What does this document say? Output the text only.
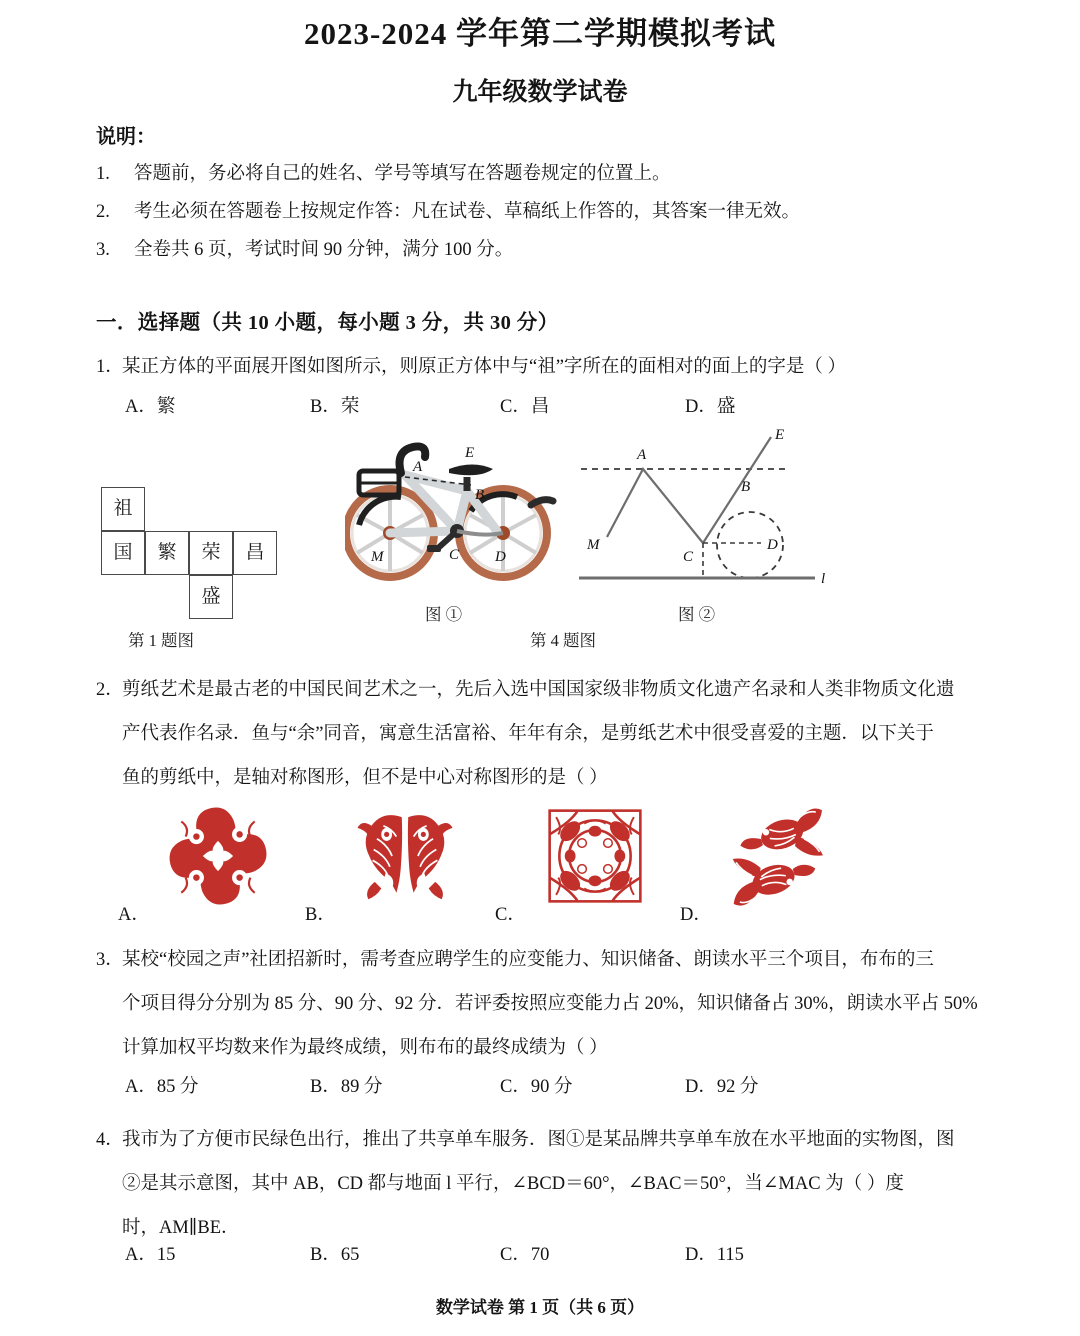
2023-2024 学年第二学期模拟考试
九年级数学试卷
说明：
1.	答题前，务必将自己的姓名、学号等填写在答题卷规定的位置上。
2.	考生必须在答题卷上按规定作答：凡在试卷、草稿纸上作答的，其答案一律无效。
3.	全卷共 6 页，考试时间 90 分钟，满分 100 分。
一．选择题（共 10 小题，每小题 3 分，共 30 分）
1．某正方体的平面展开图如图所示，则原正方体中与“祖”字所在的面相对的面上的字是（ ）
A．繁	B．荣	C．昌	D．盛
祖
国	繁	荣	昌
盛
第 1 题图
A
E
B
M	C D
图 ①
E
A
B
M
C
D
l
图 ②
第 4 题图
2．剪纸艺术是最古老的中国民间艺术之一，先后入选中国国家级非物质文化遗产名录和人类非物质文化遗
产代表作名录．鱼与“余”同音，寓意生活富裕、年年有余，是剪纸艺术中很受喜爱的主题．以下关于
鱼的剪纸中，是轴对称图形，但不是中心对称图形的是（ ）
A．	B．	C．	D．
3．某校“校园之声”社团招新时，需考查应聘学生的应变能力、知识储备、朗读水平三个项目，布布的三
个项目得分分别为 85 分、90 分、92 分．若评委按照应变能力占 20%，知识储备占 30%，朗读水平占 50%
计算加权平均数来作为最终成绩，则布布的最终成绩为（ ）
A．85 分	B．89 分	C．90 分	D．92 分
4．我市为了方便市民绿色出行，推出了共享单车服务．图①是某品牌共享单车放在水平地面的实物图，图
②是其示意图，其中 AB，CD 都与地面 l 平行，∠BCD＝60°，∠BAC＝50°，当∠MAC 为（ ）度
时，AM∥BE．
A．15	B．65	C．70	D．115
数学试卷 第 1 页（共 6 页）
